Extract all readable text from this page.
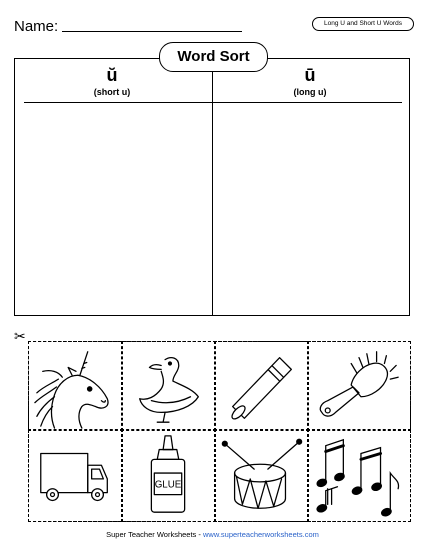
Name:	Long U and Short U Words
Word Sort
ŭ
(short u)
ū
(long u)
✂
GLUE
Super Teacher Worksheets - www.superteacherworksheets.com
